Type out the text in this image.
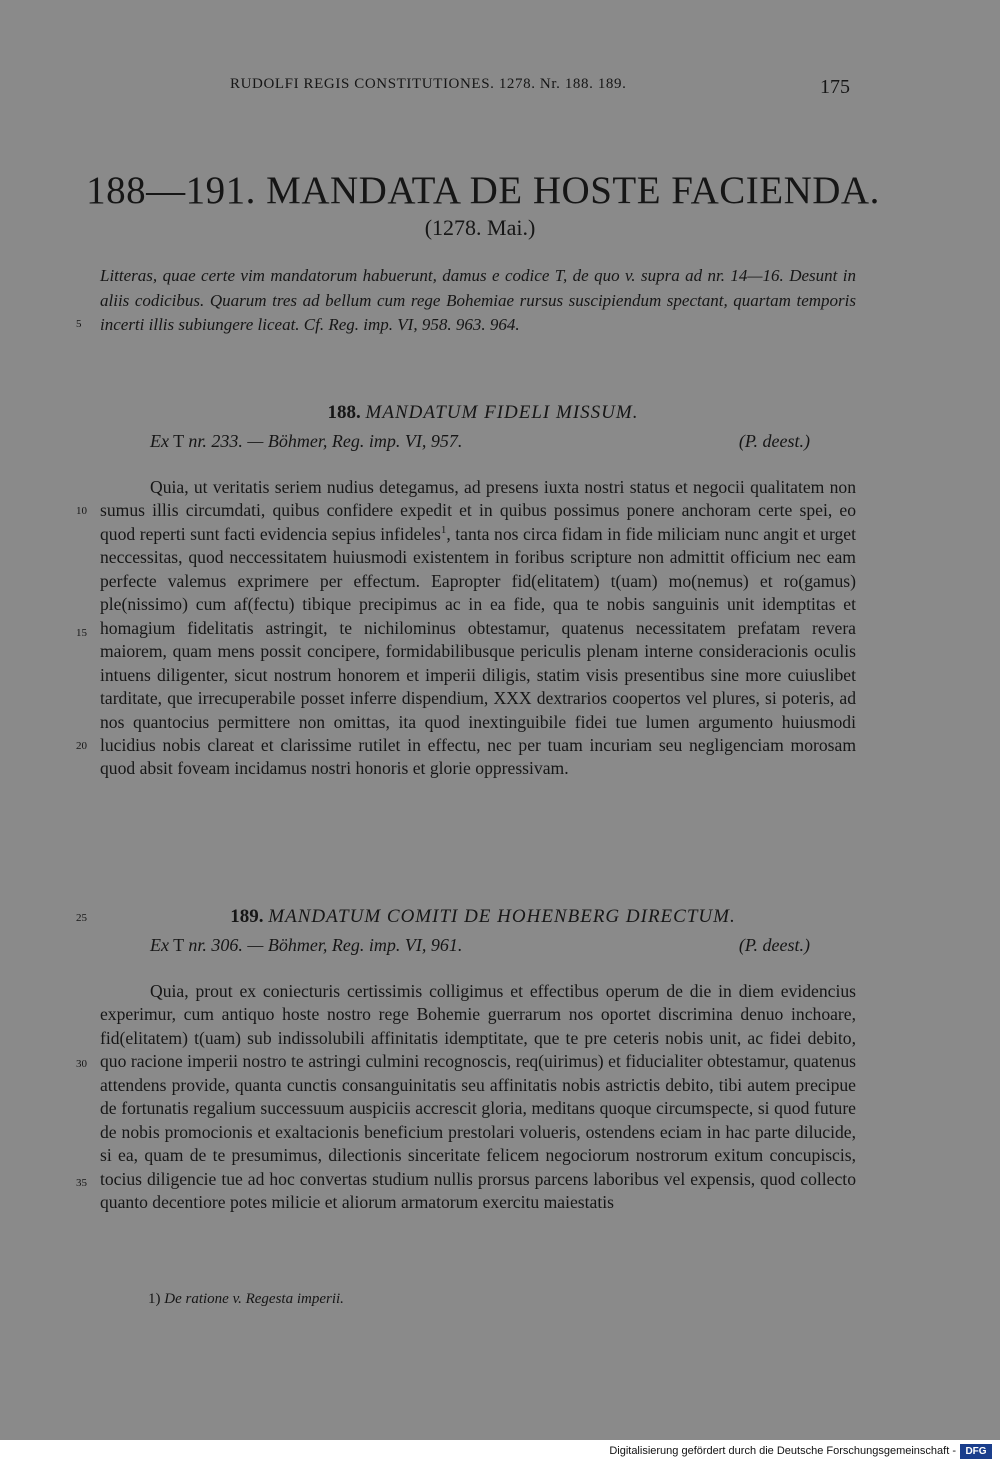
RUDOLFI REGIS CONSTITUTIONES. 1278. Nr. 188. 189.	175
188—191. MANDATA DE HOSTE FACIENDA.
(1278. Mai.)
Litteras, quae certe vim mandatorum habuerunt, damus e codice T, de quo v. supra ad nr. 14—16. Desunt in aliis codicibus. Quarum tres ad bellum cum rege Bohemiae rursus suscipiendum spectant, quartam temporis incerti illis subiungere liceat. Cf. Reg. imp. VI, 958. 963. 964.
188. MANDATUM FIDELI MISSUM.
Ex T nr. 233. — Böhmer, Reg. imp. VI, 957.	(P. deest.)

Quia, ut veritatis seriem nudius detegamus, ad presens iuxta nostri status et negocii qualitatem non sumus illis circumdati, quibus confidere expedit et in quibus possimus ponere anchoram certe spei, eo quod reperti sunt facti evidencia sepius infideles$^1$, tanta nos circa fidam in fide miliciam nunc angit et urget neccessitas, quod neccessitatem huiusmodi existentem in foribus scripture non admittit officium nec eam perfecte valemus exprimere per effectum. Eapropter fid(elitatem) t(uam) mo(nemus) et ro(gamus) ple(nissimo) cum af(fectu) tibique precipimus ac in ea fide, qua te nobis sanguinis unit idemptitas et homagium fidelitatis astringit, te nichilominus obtestamur, quatenus necessitatem prefatam revera maiorem, quam mens possit concipere, formidabilibusque periculis plenam interne consideracionis oculis intuens diligenter, sicut nostrum honorem et imperii diligis, statim visis presentibus sine more cuiuslibet tarditate, que irrecuperabile posset inferre dispendium, XXX dextrarios coopertos vel plures, si poteris, ad nos quantocius permittere non omittas, ita quod inextinguibile fidei tue lumen argumento huiusmodi lucidius nobis clareat et clarissime rutilet in effectu, nec per tuam incuriam seu negligenciam morosam quod absit foveam incidamus nostri honoris et glorie oppressivam.

189. MANDATUM COMITI DE HOHENBERG DIRECTUM.
Ex T nr. 306. — Böhmer, Reg. imp. VI, 961.	(P. deest.)

Quia, prout ex coniecturis certissimis colligimus et effectibus operum de die in diem evidencius experimur, cum antiquo hoste nostro rege Bohemie guerrarum nos oportet discrimina denuo inchoare, fid(elitatem) t(uam) sub indissolubili affinitatis idemptitate, que te pre ceteris nobis unit, ac fidei debito, quo racione imperii nostro te astringi culmini recognoscis, req(uirimus) et fiducialiter obtestamur, quatenus attendens provide, quanta cunctis consanguinitatis seu affinitatis nobis astrictis debito, tibi autem precipue de fortunatis regalium successuum auspiciis accrescit gloria, meditans quoque circumspecte, si quod future de nobis promocionis et exaltacionis beneficium prestolari volueris, ostendens eciam in hac parte dilucide, si ea, quam de te presumimus, dilectionis sinceritate felicem negociorum nostrorum exitum concupiscis, tocius diligencie tue ad hoc convertas studium nullis prorsus parcens laboribus vel expensis, quod collecto quanto decentiore potes milicie et aliorum armatorum exercitu maiestatis

5
10
15
20
25
30
35
1) De ratione v. Regesta imperii.
Digitalisierung gefördert durch die Deutsche Forschungsgemeinschaft - DFG
